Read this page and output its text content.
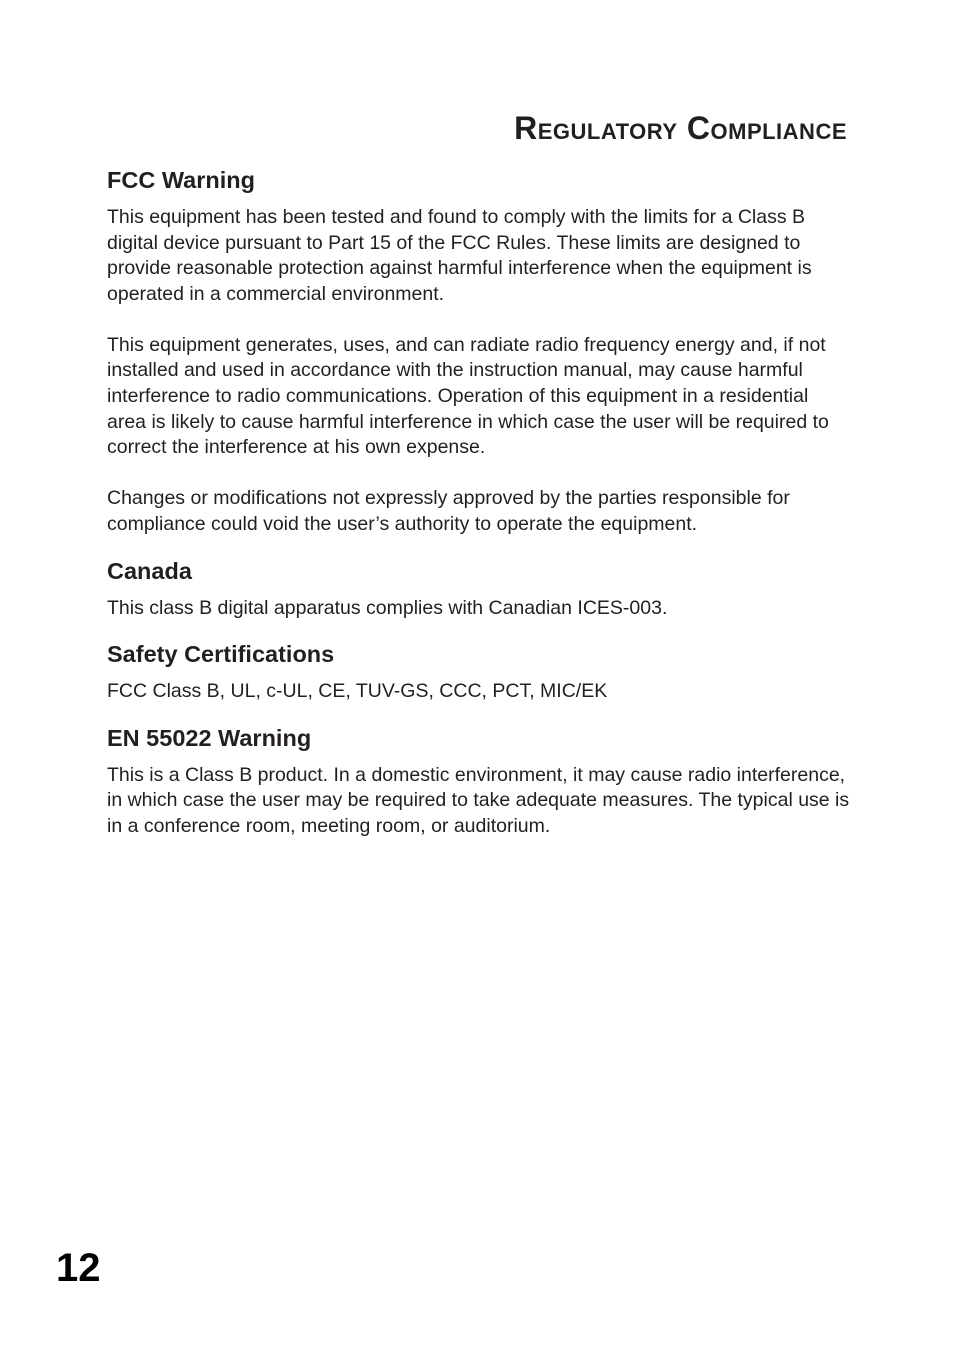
Regulatory Compliance
FCC Warning

This equipment has been tested and found to comply with the limits for a Class B digital device pursuant to Part 15 of the FCC Rules. These limits are designed to provide reasonable protection against harmful interference when the equipment is operated in a commercial environment.

This equipment generates, uses, and can radiate radio frequency energy and, if not installed and used in accordance with the instruction manual, may cause harmful interference to radio communications. Operation of this equipment in a residential area is likely to cause harmful interference in which case the user will be required to correct the interference at his own expense.

Changes or modifications not expressly approved by the parties responsible for compliance could void the user’s authority to operate the equipment.

Canada

This class B digital apparatus complies with Canadian ICES-003.

Safety Certifications

FCC Class B, UL, c-UL, CE, TUV-GS, CCC, PCT, MIC/EK

EN 55022 Warning

This is a Class B product. In a domestic environment, it may cause radio interference, in which case the user may be required to take adequate measures. The typical use is in a conference room, meeting room, or auditorium.

12
